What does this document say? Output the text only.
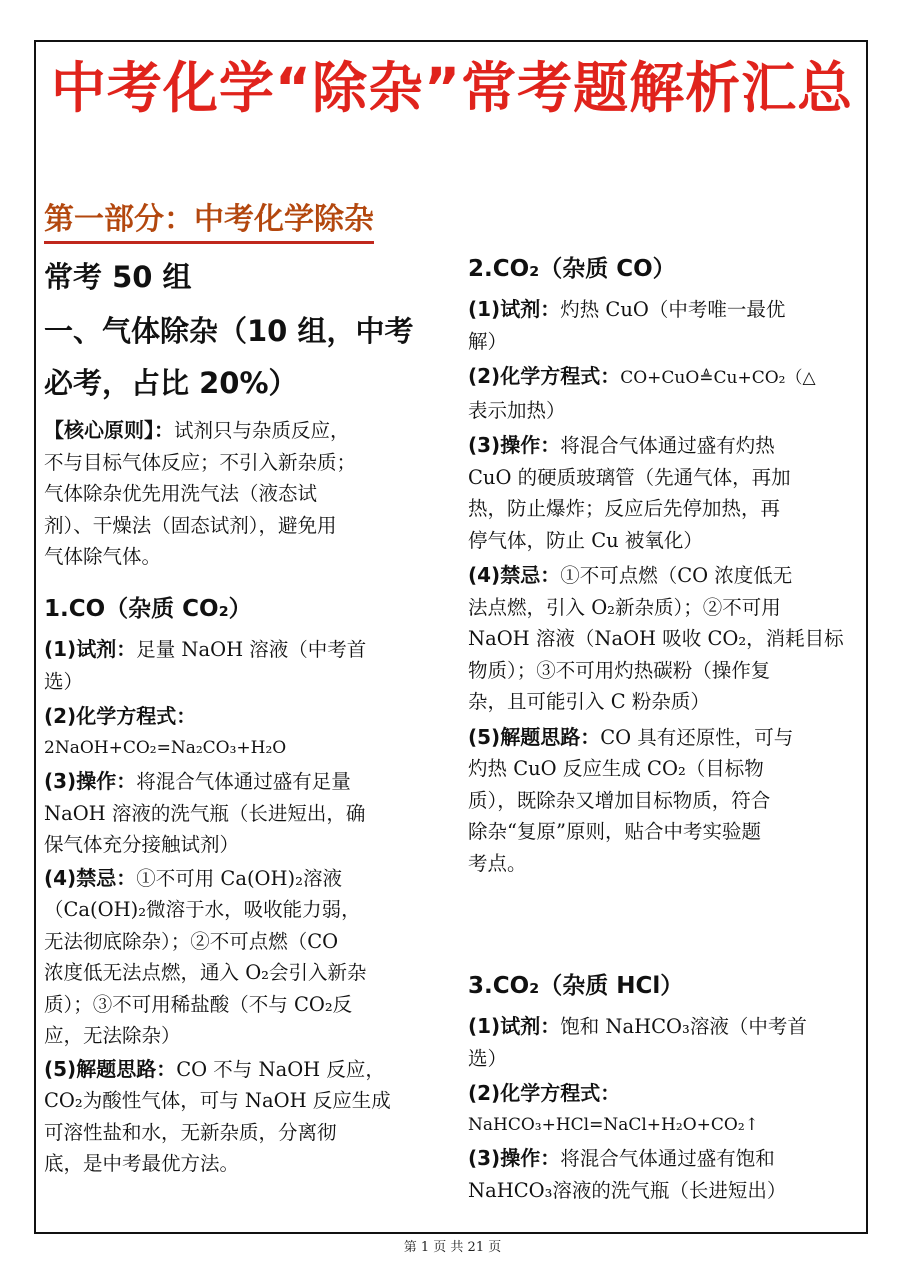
中考化学“除杂”常考题解析汇总
第一部分：中考化学除杂
常考 50 组
一、气体除杂（10 组，中考
必考，占比 20%）
【核心原则】：试剂只与杂质反应，
不与目标气体反应；不引入新杂质；
气体除杂优先用洗气法（液态试
剂）、干燥法（固态试剂），避免用
气体除气体。
1.CO（杂质 CO₂）
(1)试剂：足量 NaOH 溶液（中考首
选）
(2)化学方程式：
2NaOH+CO₂=Na₂CO₃+H₂O
(3)操作：将混合气体通过盛有足量
NaOH 溶液的洗气瓶（长进短出，确
保气体充分接触试剂）
(4)禁忌：①不可用 Ca(OH)₂溶液
（Ca(OH)₂微溶于水，吸收能力弱，
无法彻底除杂）；②不可点燃（CO
浓度低无法点燃，通入 O₂会引入新杂
质）；③不可用稀盐酸（不与 CO₂反
应，无法除杂）
(5)解题思路：CO 不与 NaOH 反应，
CO₂为酸性气体，可与 NaOH 反应生成
可溶性盐和水，无新杂质，分离彻
底，是中考最优方法。
2.CO₂（杂质 CO）
(1)试剂：灼热 CuO（中考唯一最优
解）
(2)化学方程式：CO+CuO≜Cu+CO₂（△
表示加热）
(3)操作：将混合气体通过盛有灼热
CuO 的硬质玻璃管（先通气体，再加
热，防止爆炸；反应后先停加热，再
停气体，防止 Cu 被氧化）
(4)禁忌：①不可点燃（CO 浓度低无
法点燃，引入 O₂新杂质）；②不可用
NaOH 溶液（NaOH 吸收 CO₂，消耗目标
物质）；③不可用灼热碳粉（操作复
杂，且可能引入 C 粉杂质）
(5)解题思路：CO 具有还原性，可与
灼热 CuO 反应生成 CO₂（目标物
质），既除杂又增加目标物质，符合
除杂“复原”原则，贴合中考实验题
考点。
3.CO₂（杂质 HCl）
(1)试剂：饱和 NaHCO₃溶液（中考首
选）
(2)化学方程式：
NaHCO₃+HCl=NaCl+H₂O+CO₂↑
(3)操作：将混合气体通过盛有饱和
NaHCO₃溶液的洗气瓶（长进短出）
第 1 页 共 21 页
